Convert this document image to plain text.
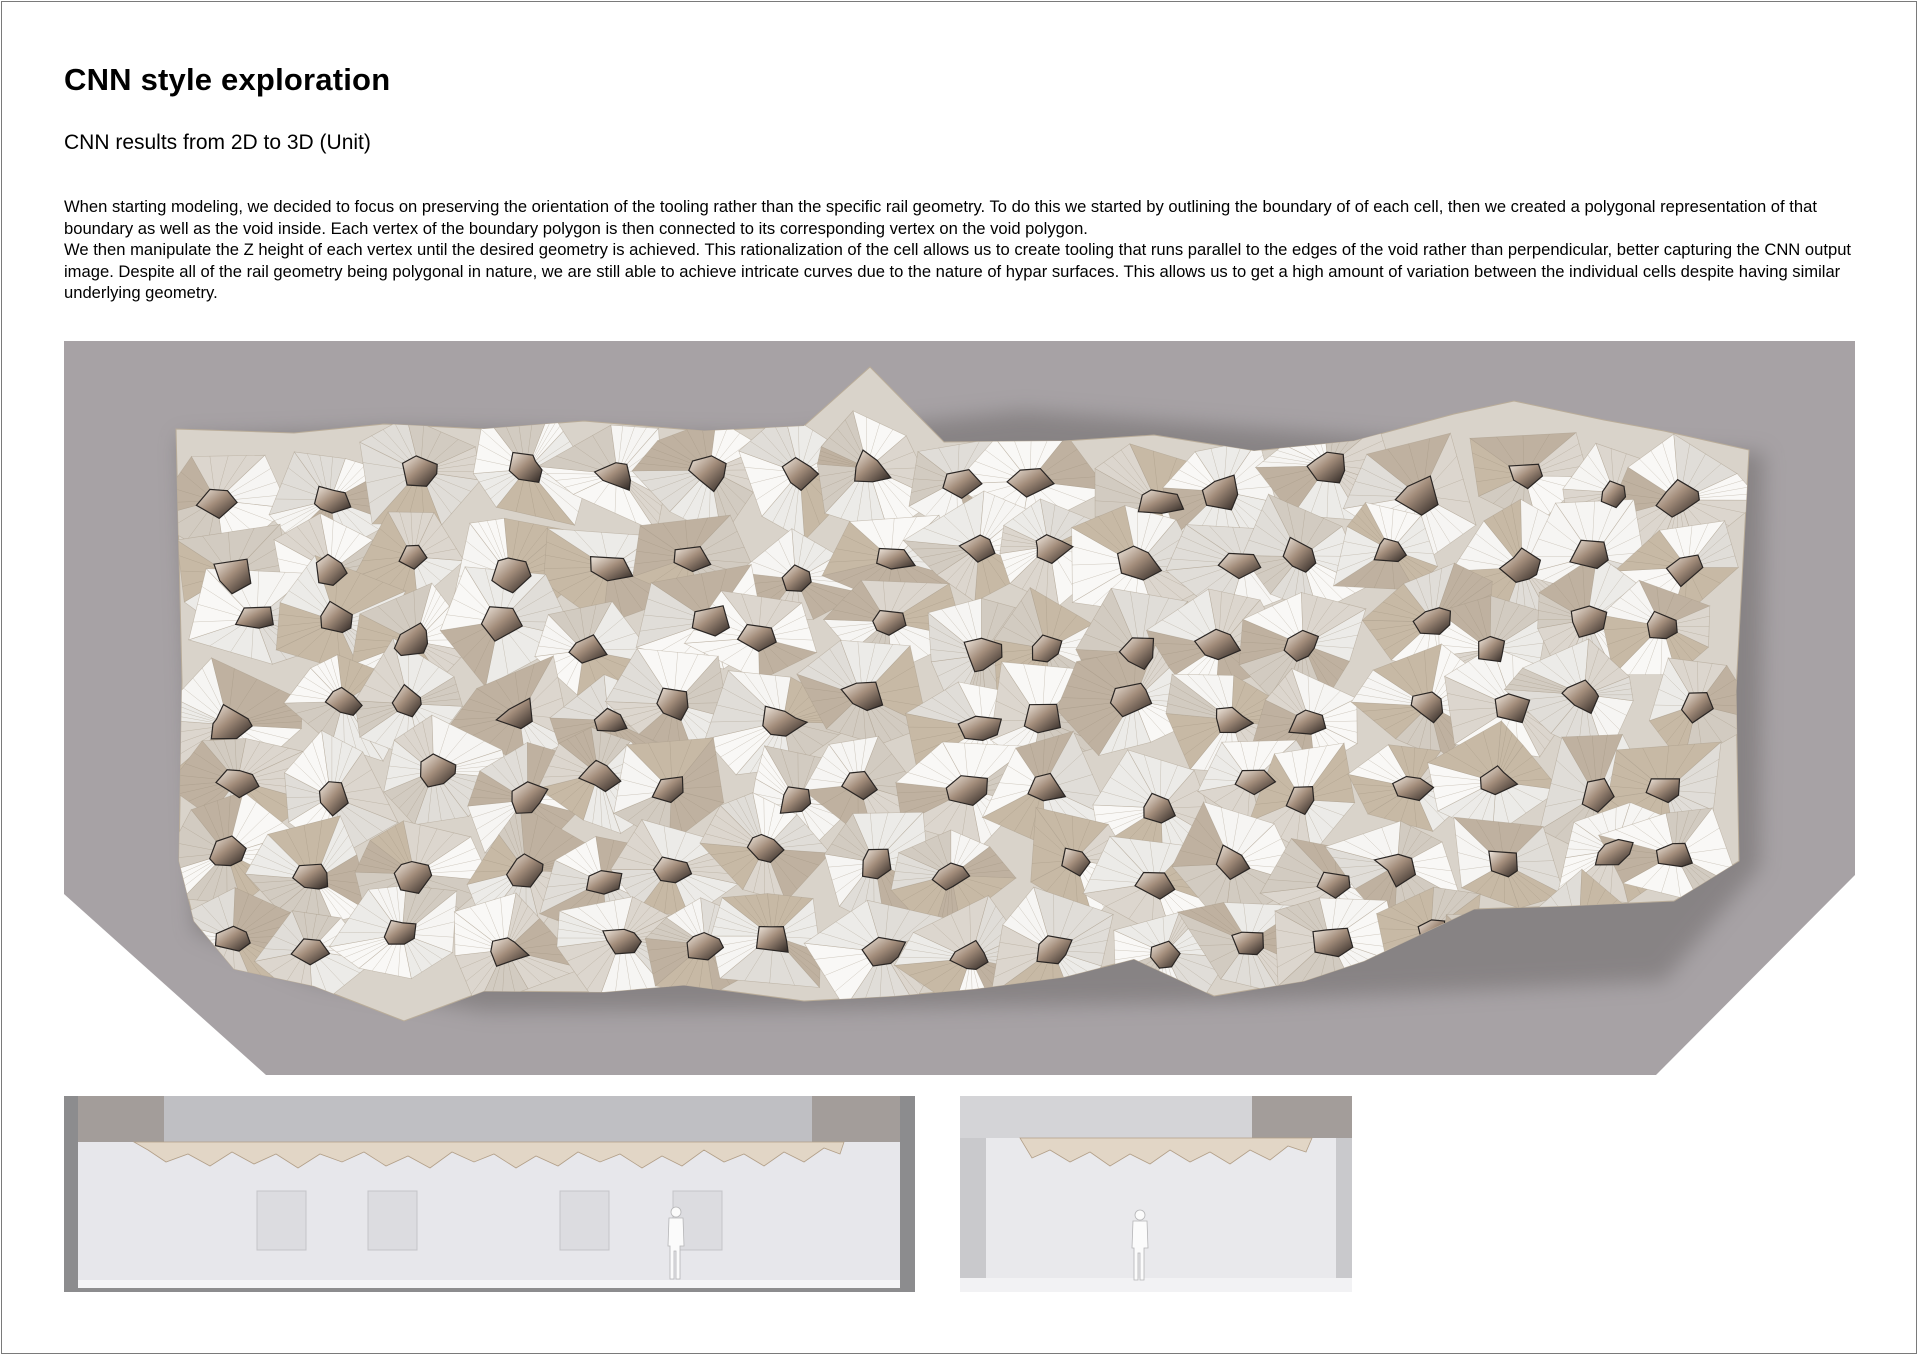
CNN style exploration
CNN results from 2D to 3D (Unit)

When starting modeling, we decided to focus on preserving the orientation of the tooling rather than the specific rail geometry. To do this we started by outlining the boundary of of each cell, then we created a polygonal representation of that boundary as well as the void inside. Each vertex of the boundary polygon is then connected to its corresponding vertex on the void polygon.

We then manipulate the Z height of each vertex until the desired geometry is achieved. This rationalization of the cell allows us to create tooling that runs parallel to the edges of the void rather than perpendicular, better capturing the CNN output image. Despite all of the rail geometry being polygonal in nature, we are still able to achieve intricate curves due to the nature of hypar surfaces. This allows us to get a high amount of variation between the individual cells despite having similar underlying geometry.
